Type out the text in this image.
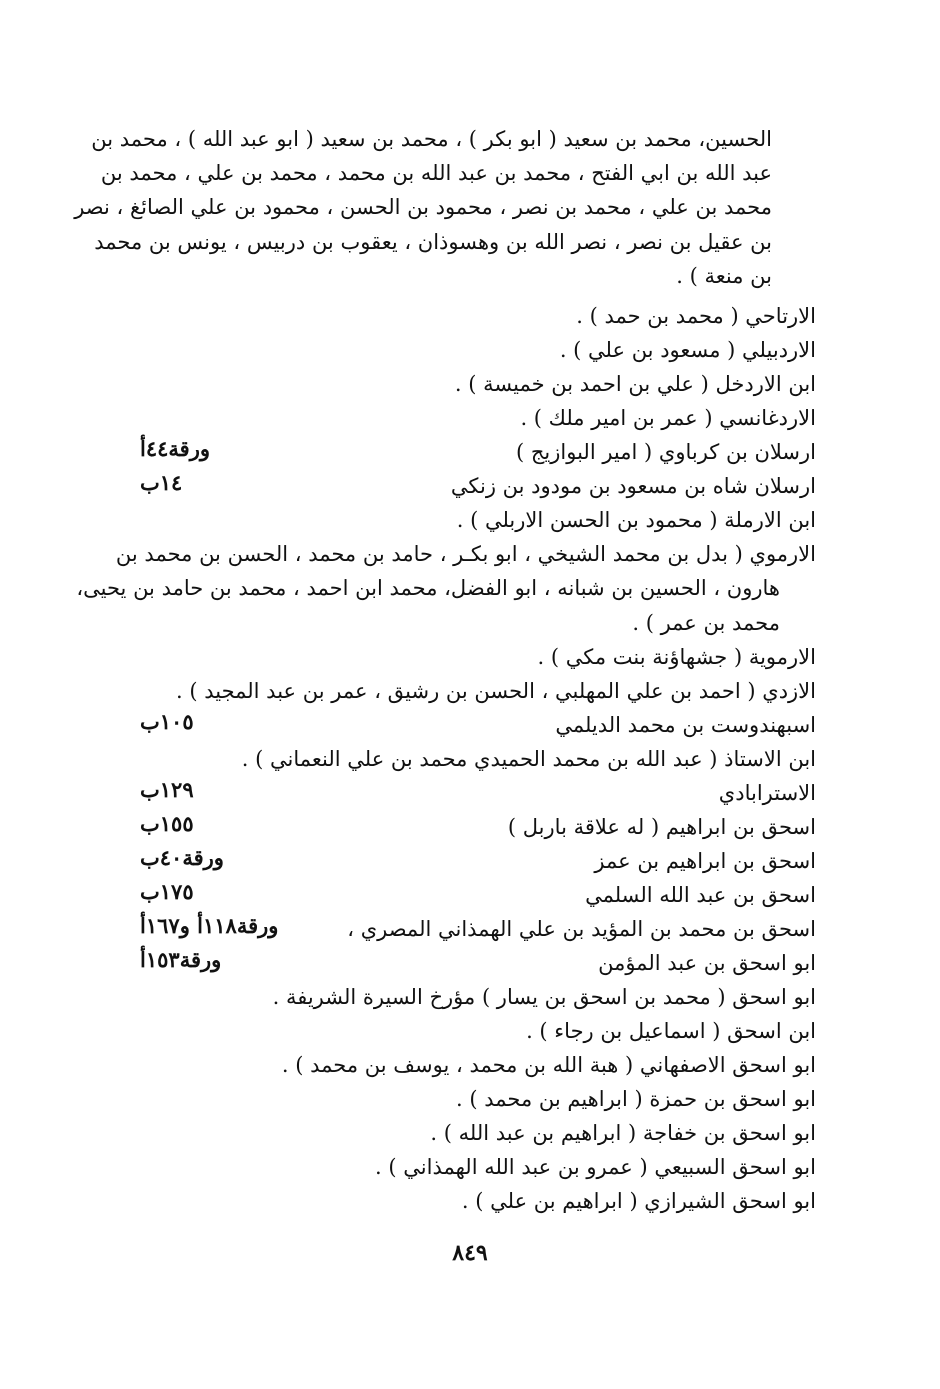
الحسين، محمد بن سعيد ( ابو بكر ) ، محمد بن سعيد ( ابو عبد الله ) ، محمد بن
عبد الله بن ابي الفتح ، محمد بن عبد الله بن محمد ، محمد بن علي ، محمد بن
محمد بن علي ، محمد بن نصر ، محمود بن الحسن ، محمود بن علي الصائغ ، نصر
بن عقيل بن نصر ، نصر الله بن وهسوذان ، يعقوب بن دربيس ، يونس بن محمد
بن منعة ) .
الارتاحي ( محمد بن حمد ) .
الاردبيلي ( مسعود بن علي ) .
ابن الاردخل ( علي بن احمد بن خميسة ) .
الاردغانسي ( عمر بن امير ملك ) .
ارسلان بن كرباوي ( امير البوازيج )
ورقة٤٤أ
ارسلان شاه بن مسعود بن مودود بن زنكي
١٤ب
ابن الارملة ( محمود بن الحسن الاربلي ) .
الارموي ( بدل بن محمد الشيخي ، ابو بكـر ، حامد بن محمد ، الحسن بن محمد بن
هارون ، الحسين بن شبانه ، ابو الفضل، محمد ابن احمد ، محمد بن حامد بن يحيى،
محمد بن عمر ) .
الارموية ( جشهاؤنة بنت مكي ) .
الازدي ( احمد بن علي المهلبي ، الحسن بن رشيق ، عمر بن عبد المجيد ) .
اسبهندوست بن محمد الديلمي
١٠٥ب
ابن الاستاذ ( عبد الله بن محمد الحميدي محمد بن علي النعماني ) .
الاسترابادي
١٢٩ب
اسحق بن ابراهيم ( له علاقة باربل )
١٥٥ب
اسحق بن ابراهيم بن عمز
ورقة٤٠ب
اسحق بن عبد الله السلمي
١٧٥ب
اسحق بن محمد بن المؤيد بن علي الهمذاني المصري ،
ورقة١١٨أ و١٦٧أ
ابو اسحق بن عبد المؤمن
ورقة١٥٣أ
ابو اسحق ( محمد بن اسحق بن يسار ) مؤرخ السيرة الشريفة .
ابن اسحق ( اسماعيل بن رجاء ) .
ابو اسحق الاصفهاني ( هبة الله بن محمد ، يوسف بن محمد ) .
ابو اسحق بن حمزة ( ابراهيم بن محمد ) .
ابو اسحق بن خفاجة ( ابراهيم بن عبد الله ) .
ابو اسحق السبيعي ( عمرو بن عبد الله الهمذاني ) .
ابو اسحق الشيرازي ( ابراهيم بن علي ) .
٨٤٩
